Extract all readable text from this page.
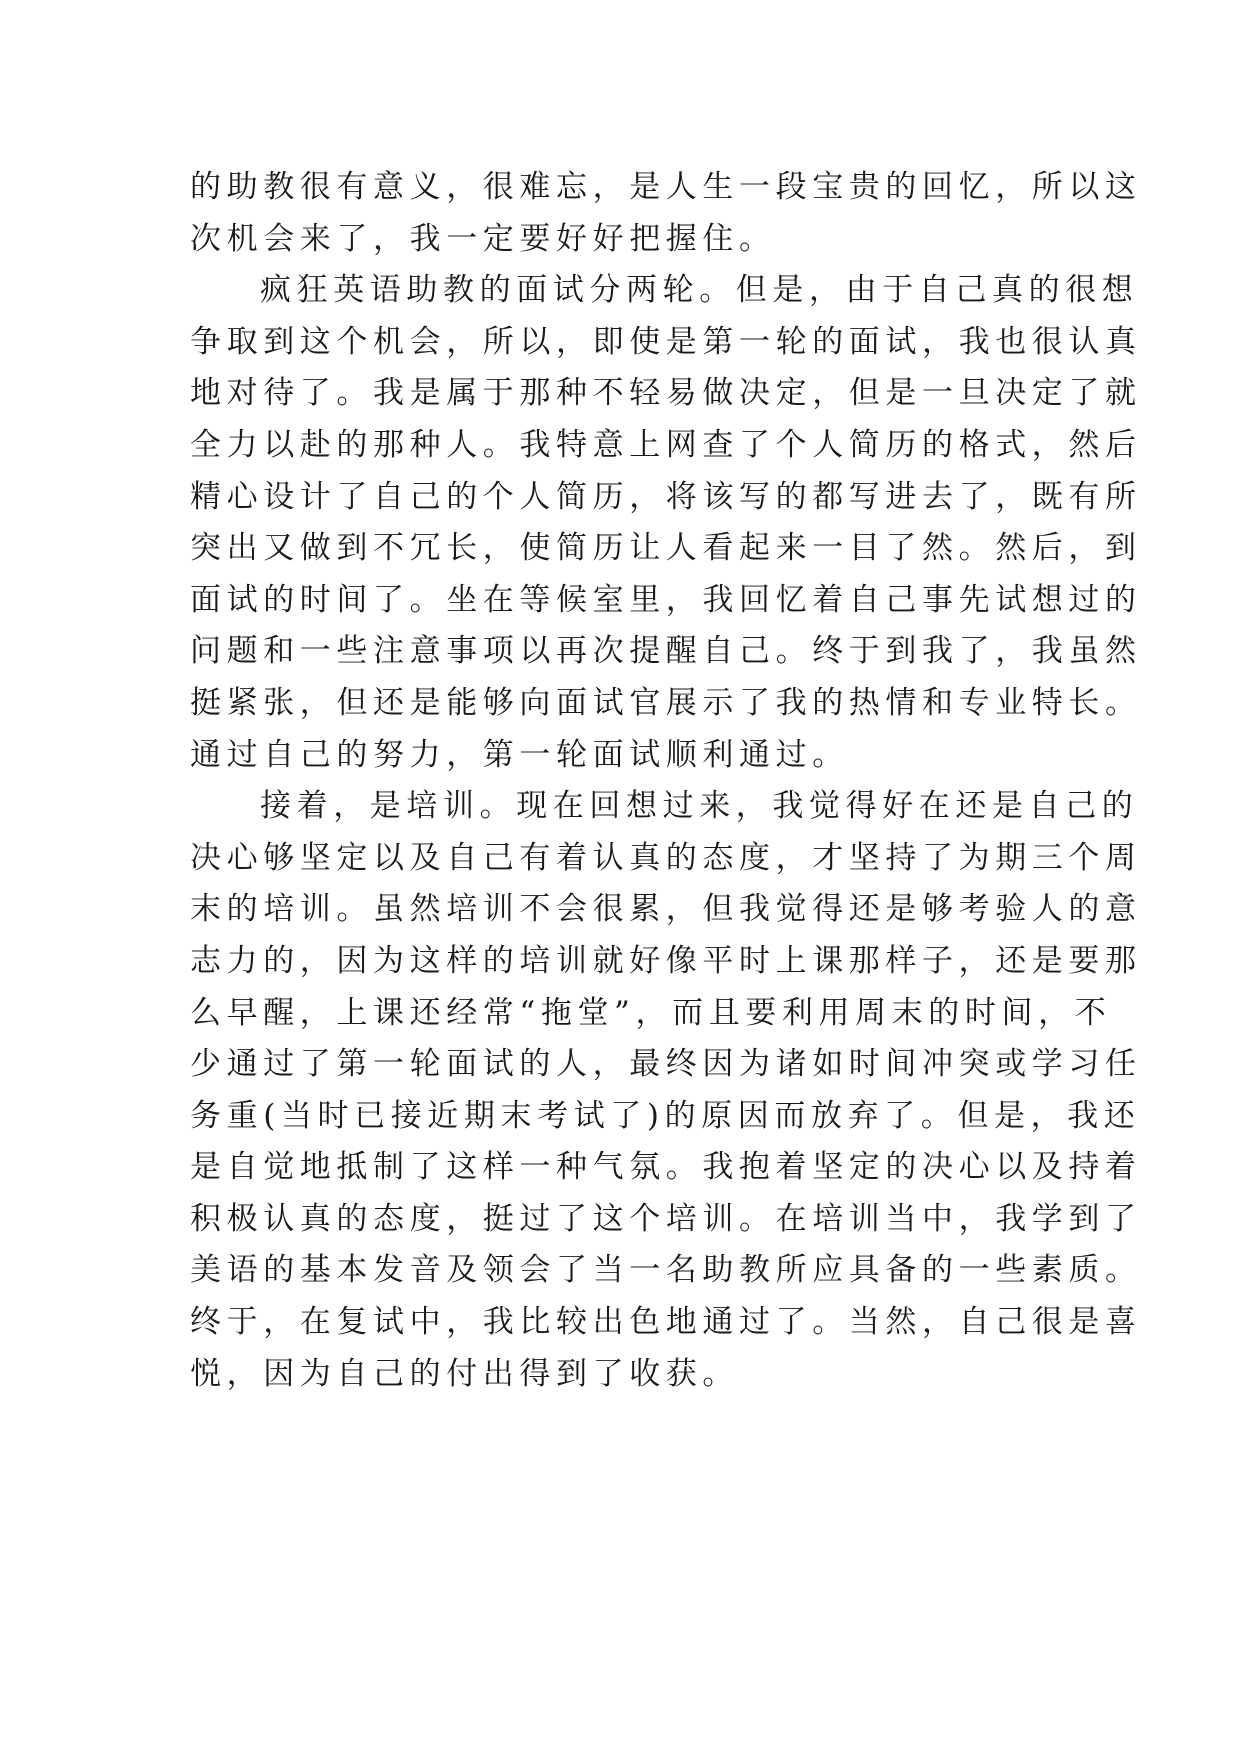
的助教很有意义，很难忘，是人生一段宝贵的回忆，所以这
次机会来了，我一定要好好把握住。
疯狂英语助教的面试分两轮。但是，由于自己真的很想
争取到这个机会，所以，即使是第一轮的面试，我也很认真
地对待了。我是属于那种不轻易做决定，但是一旦决定了就
全力以赴的那种人。我特意上网查了个人简历的格式，然后
精心设计了自己的个人简历，将该写的都写进去了，既有所
突出又做到不冗长，使简历让人看起来一目了然。然后，到
面试的时间了。坐在等候室里，我回忆着自己事先试想过的
问题和一些注意事项以再次提醒自己。终于到我了，我虽然
挺紧张，但还是能够向面试官展示了我的热情和专业特长。
通过自己的努力，第一轮面试顺利通过。
接着，是培训。现在回想过来，我觉得好在还是自己的
决心够坚定以及自己有着认真的态度，才坚持了为期三个周
末的培训。虽然培训不会很累，但我觉得还是够考验人的意
志力的，因为这样的培训就好像平时上课那样子，还是要那
么早醒，上课还经常“拖堂”，而且要利用周末的时间，不
少通过了第一轮面试的人，最终因为诸如时间冲突或学习任
务重(当时已接近期末考试了)的原因而放弃了。但是，我还
是自觉地抵制了这样一种气氛。我抱着坚定的决心以及持着
积极认真的态度，挺过了这个培训。在培训当中，我学到了
美语的基本发音及领会了当一名助教所应具备的一些素质。
终于，在复试中，我比较出色地通过了。当然，自己很是喜
悦，因为自己的付出得到了收获。
